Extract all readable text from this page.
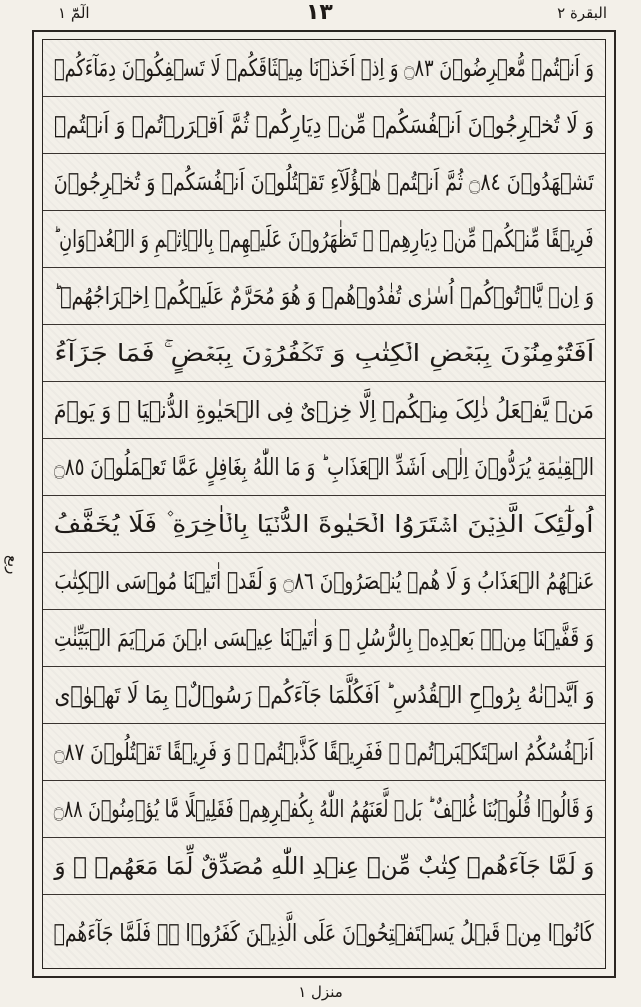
الٓمّٓ ١	۱۳	البقرة ٢
ربع
وَ اَنۡتُمۡ مُّعۡرِضُوۡنَ ۝٨٣ وَ اِذۡ اَخَذۡنَا مِیۡثَاقَکُمۡ لَا تَسۡفِکُوۡنَ دِمَآءَکُمۡ
وَ لَا تُخۡرِجُوۡنَ اَنۡفُسَکُمۡ مِّنۡ دِیَارِکُمۡ ثُمَّ اَقۡرَرۡتُمۡ وَ اَنۡتُمۡ
تَشۡهَدُوۡنَ ۝٨٤ ثُمَّ اَنۡتُمۡ هٰۤؤُلَآءِ تَقۡتُلُوۡنَ اَنۡفُسَکُمۡ وَ تُخۡرِجُوۡنَ
فَرِیۡقًا مِّنۡکُمۡ مِّنۡ دِیَارِهِمۡ ۫ تَظٰهَرُوۡنَ عَلَیۡهِمۡ بِالۡاِثۡمِ وَ الۡعُدۡوَانِ ؕ
وَ اِنۡ یَّاۡتُوۡکُمۡ اُسٰرٰی تُفٰدُوۡهُمۡ وَ هُوَ مُحَرَّمٌ عَلَیۡکُمۡ اِخۡرَاجُهُمۡ ؕ
اَفَتُؤۡمِنُوۡنَ بِبَعۡضِ الۡکِتٰبِ وَ تَکۡفُرُوۡنَ بِبَعۡضٍ ۚ فَمَا جَزَآءُ
مَنۡ یَّفۡعَلُ ذٰلِکَ مِنۡکُمۡ اِلَّا خِزۡیٌ فِی الۡحَیٰوةِ الدُّنۡیَا ۚ وَ یَوۡمَ
الۡقِیٰمَةِ یُرَدُّوۡنَ اِلٰۤی اَشَدِّ الۡعَذَابِ ؕ وَ مَا اللّٰهُ بِغَافِلٍ عَمَّا تَعۡمَلُوۡنَ ۝٨٥
اُولٰٓئِکَ الَّذِیۡنَ اشۡتَرَوُا الۡحَیٰوةَ الدُّنۡیَا بِالۡاٰخِرَةِ ۫ فَلَا یُخَفَّفُ
عَنۡهُمُ الۡعَذَابُ وَ لَا هُمۡ یُنۡصَرُوۡنَ ۝٨٦ وَ لَقَدۡ اٰتَیۡنَا مُوۡسَی الۡکِتٰبَ
وَ قَفَّیۡنَا مِنۡۢ بَعۡدِهٖ بِالرُّسُلِ ۫ وَ اٰتَیۡنَا عِیۡسَی ابۡنَ مَرۡیَمَ الۡبَیِّنٰتِ
وَ اَیَّدۡنٰهُ بِرُوۡحِ الۡقُدُسِ ؕ اَفَکُلَّمَا جَآءَکُمۡ رَسُوۡلٌۢ بِمَا لَا تَهۡوٰۤی
اَنۡفُسُکُمُ اسۡتَکۡبَرۡتُمۡ ۚ فَفَرِیۡقًا کَذَّبۡتُمۡ ۫ وَ فَرِیۡقًا تَقۡتُلُوۡنَ ۝٨٧
وَ قَالُوۡا قُلُوۡبُنَا غُلۡفٌ ؕ بَلۡ لَّعَنَهُمُ اللّٰهُ بِکُفۡرِهِمۡ فَقَلِیۡلًا مَّا یُؤۡمِنُوۡنَ ۝٨٨
وَ لَمَّا جَآءَهُمۡ کِتٰبٌ مِّنۡ عِنۡدِ اللّٰهِ مُصَدِّقٌ لِّمَا مَعَهُمۡ ۙ وَ
کَانُوۡا مِنۡ قَبۡلُ یَسۡتَفۡتِحُوۡنَ عَلَی الَّذِیۡنَ کَفَرُوۡا ۚۖ فَلَمَّا جَآءَهُمۡ
منزل ١
